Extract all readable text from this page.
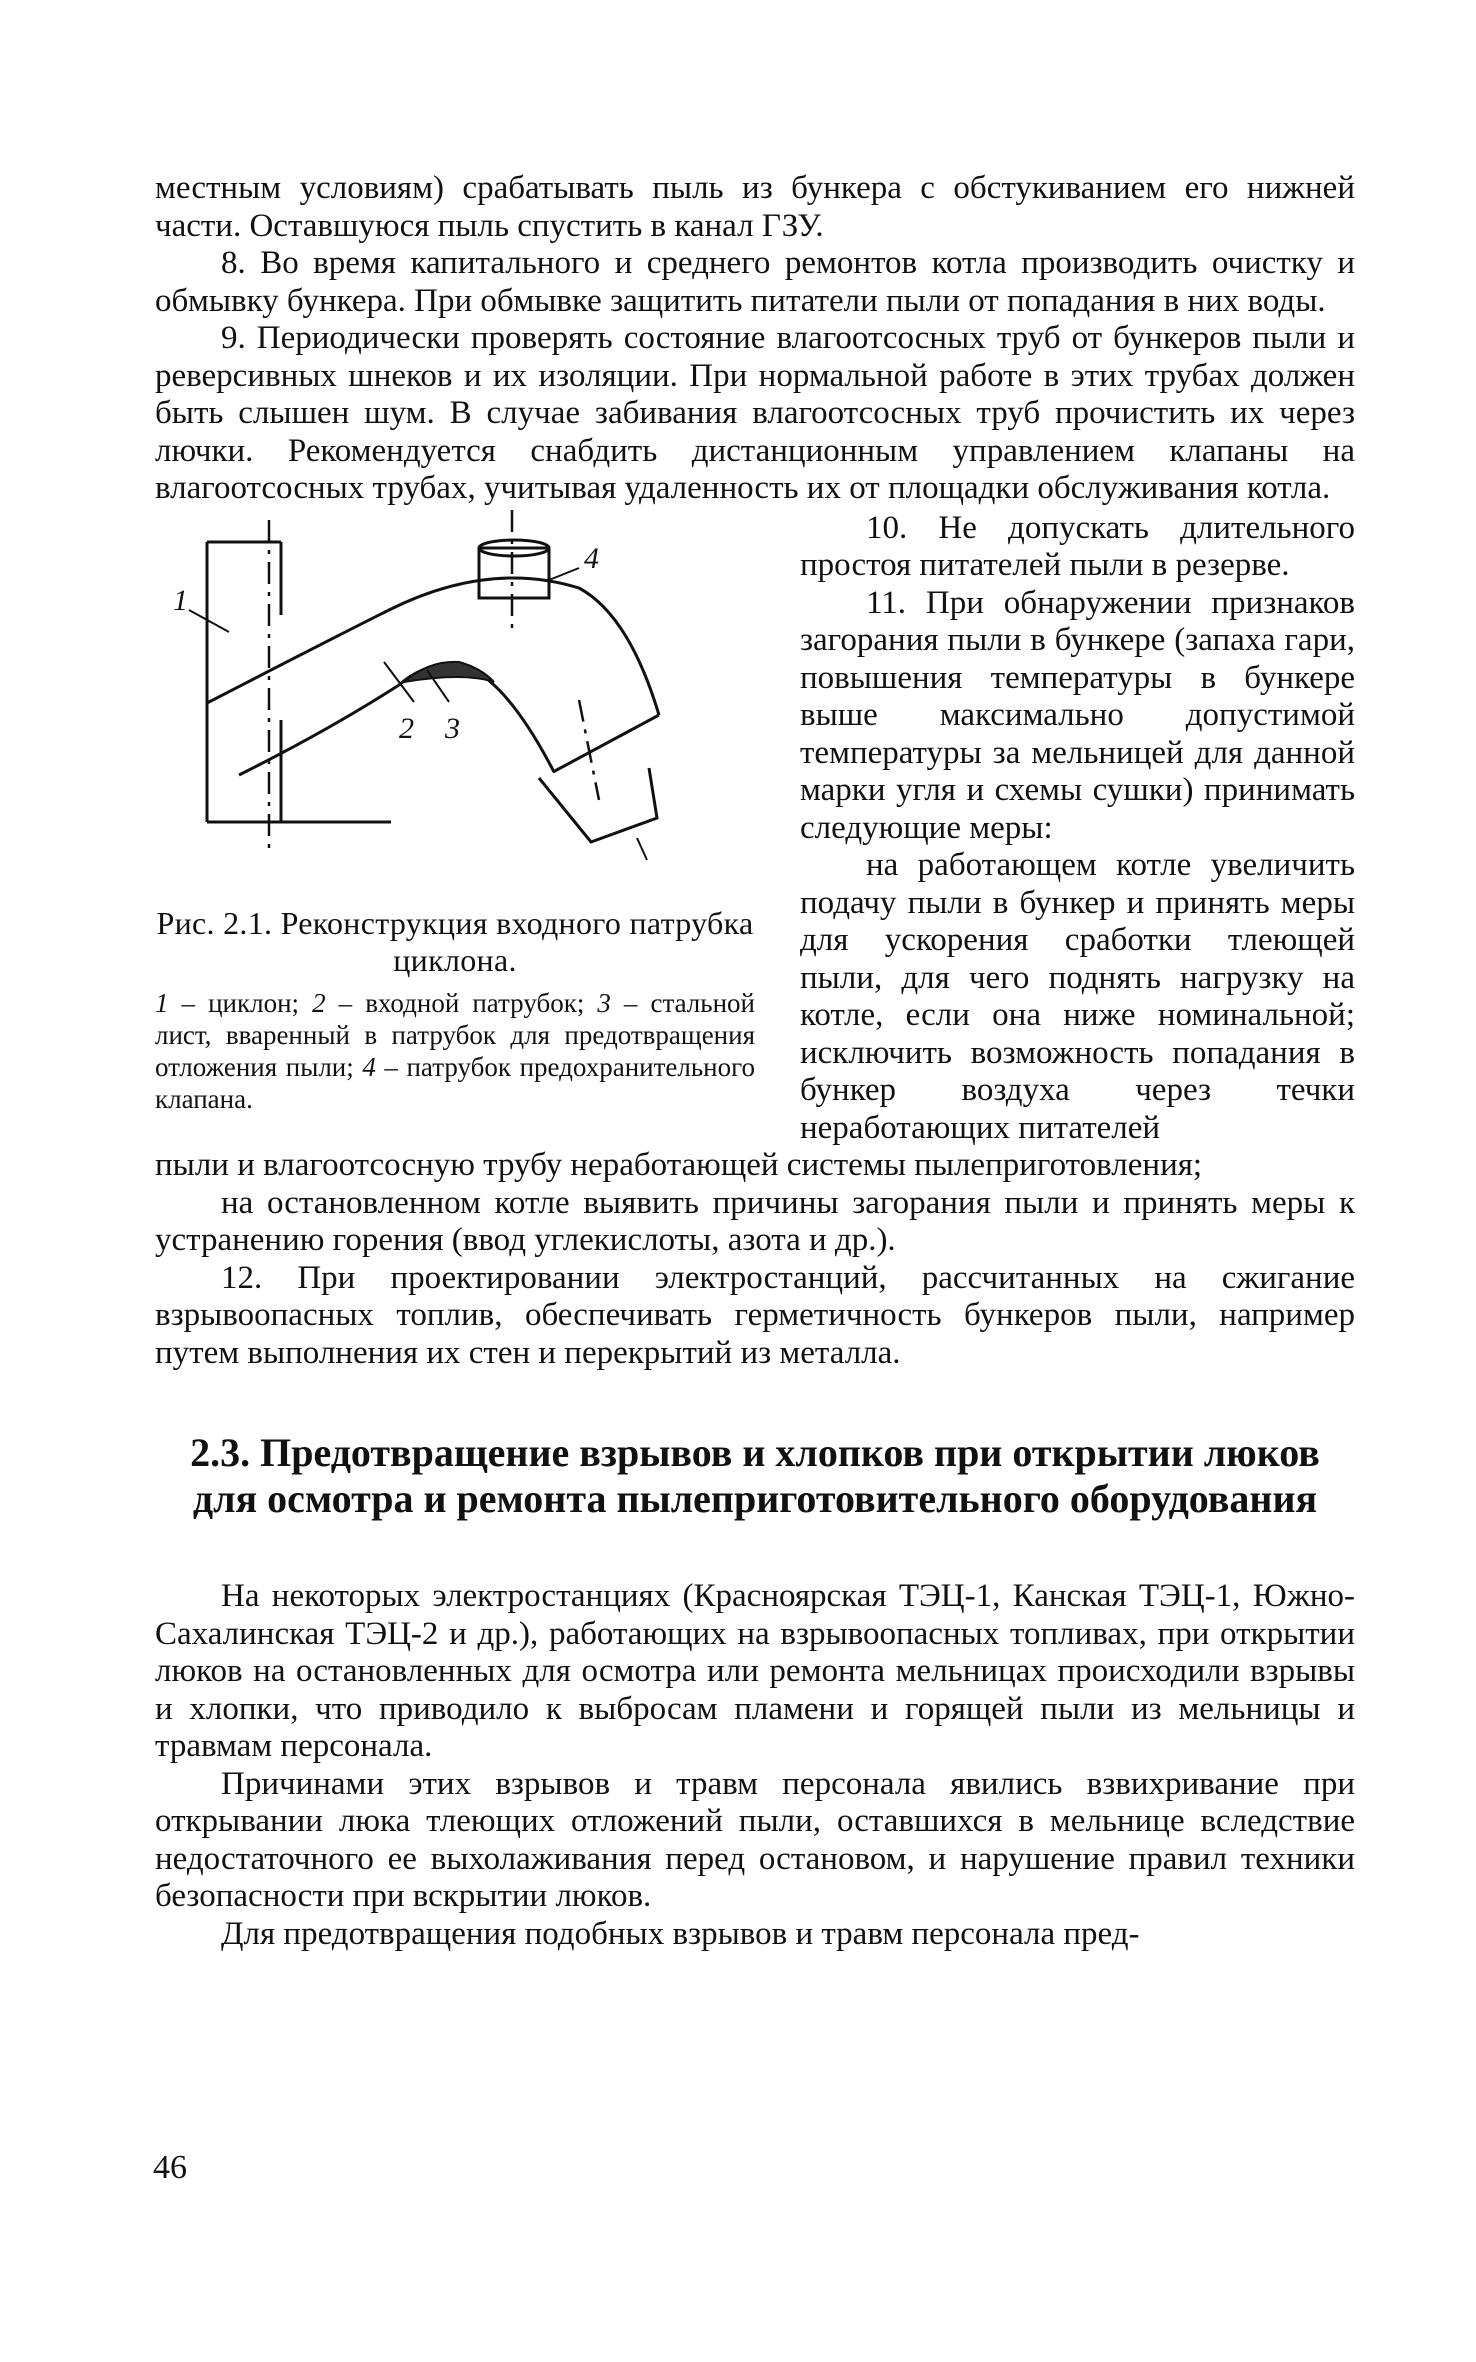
местным условиям) срабатывать пыль из бункера с обстукиванием его нижней части. Оставшуюся пыль спустить в канал ГЗУ.

8. Во время капитального и среднего ремонтов котла производить очистку и обмывку бункера. При обмывке защитить питатели пыли от попадания в них воды.

9. Периодически проверять состояние влагоотсосных труб от бункеров пыли и реверсивных шнеков и их изоляции. При нормальной работе в этих трубах должен быть слышен шум. В случае забивания влагоотсосных труб прочистить их через лючки. Рекомендуется снабдить дистанционным управлением клапаны на влагоотсосных трубах, учитывая удаленность их от площадки обслуживания котла.

1
2 3
4
Рис. 2.1. Реконструкция входного патрубка циклона.
1 – циклон; 2 – входной патрубок; 3 – стальной лист, вваренный в патрубок для предотвращения отложения пыли; 4 – патрубок предохранительного клапана.

10. Не допускать длительного простоя питателей пыли в резерве.

11. При обнаружении признаков загорания пыли в бункере (запаха гари, повышения температуры в бункере выше максимально допустимой температуры за мельницей для данной марки угля и схемы сушки) принимать следующие меры:

на работающем котле увеличить подачу пыли в бункер и принять меры для ускорения сработки тлеющей пыли, для чего поднять нагрузку на котле, если она ниже номинальной; исключить возможность попадания в бункер воздуха через течки неработающих питателей

пыли и влагоотсосную трубу неработающей системы пылеприготовления;

на остановленном котле выявить причины загорания пыли и принять меры к устранению горения (ввод углекислоты, азота и др.).

12. При проектировании электростанций, рассчитанных на сжигание взрывоопасных топлив, обеспечивать герметичность бункеров пыли, например путем выполнения их стен и перекрытий из металла.

2.3. Предотвращение взрывов и хлопков при открытии люков для осмотра и ремонта пылеприготовительного оборудования

На некоторых электростанциях (Красноярская ТЭЦ-1, Канская ТЭЦ-1, Южно-Сахалинская ТЭЦ-2 и др.), работающих на взрывоопасных топливах, при открытии люков на остановленных для осмотра или ремонта мельницах происходили взрывы и хлопки, что приводило к выбросам пламени и горящей пыли из мельницы и травмам персонала.

Причинами этих взрывов и травм персонала явились взвихривание при открывании люка тлеющих отложений пыли, оставшихся в мельнице вследствие недостаточного ее выхолаживания перед остановом, и нарушение правил техники безопасности при вскрытии люков.

Для предотвращения подобных взрывов и травм персонала пред-

46
